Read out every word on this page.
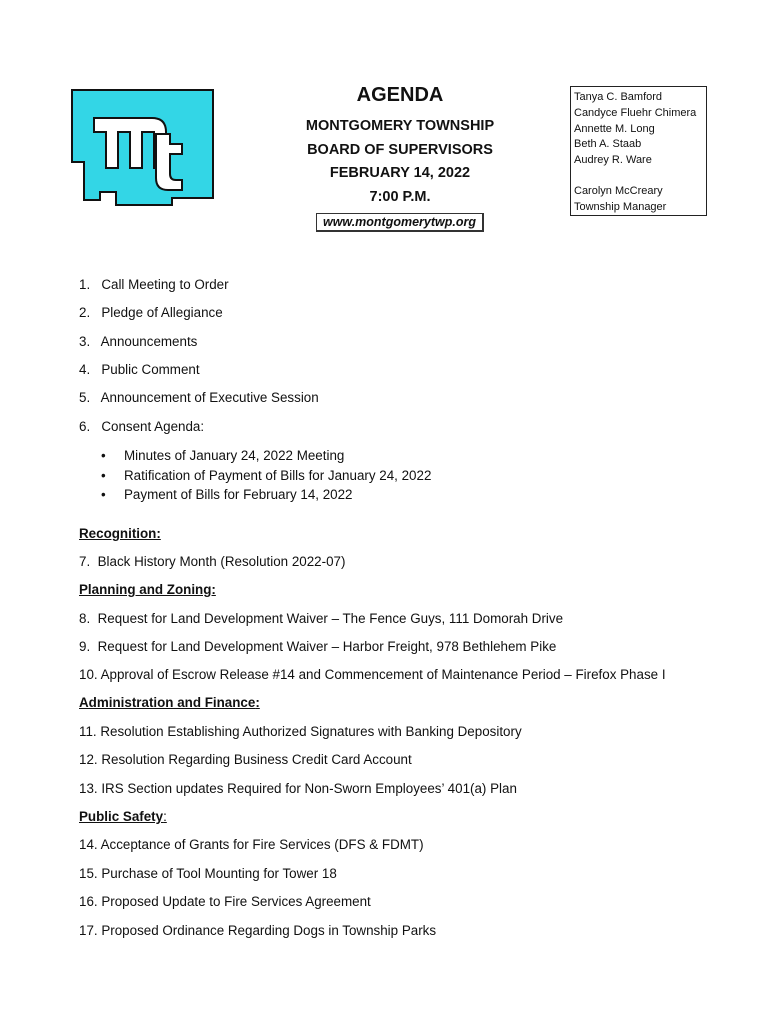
AGENDA
MONTGOMERY TOWNSHIP
BOARD OF SUPERVISORS
FEBRUARY 14, 2022
7:00 P.M.
www.montgomerytwp.org
Tanya C. Bamford
Candyce Fluehr Chimera
Annette M. Long
Beth A. Staab
Audrey R. Ware
Carolyn McCreary
Township Manager
1.   Call Meeting to Order
2.   Pledge of Allegiance
3.   Announcements
4.   Public Comment
5.   Announcement of Executive Session
6.   Consent Agenda:
• Minutes of January 24, 2022 Meeting
• Ratification of Payment of Bills for January 24, 2022
• Payment of Bills for February 14, 2022
Recognition:
7.  Black History Month (Resolution 2022-07)
Planning and Zoning:
8.  Request for Land Development Waiver – The Fence Guys, 111 Domorah Drive
9.  Request for Land Development Waiver – Harbor Freight, 978 Bethlehem Pike
10. Approval of Escrow Release #14 and Commencement of Maintenance Period – Firefox Phase I
Administration and Finance:
11. Resolution Establishing Authorized Signatures with Banking Depository
12. Resolution Regarding Business Credit Card Account
13. IRS Section updates Required for Non-Sworn Employees’ 401(a) Plan
Public Safety:
14. Acceptance of Grants for Fire Services (DFS & FDMT)
15. Purchase of Tool Mounting for Tower 18
16. Proposed Update to Fire Services Agreement
17. Proposed Ordinance Regarding Dogs in Township Parks
